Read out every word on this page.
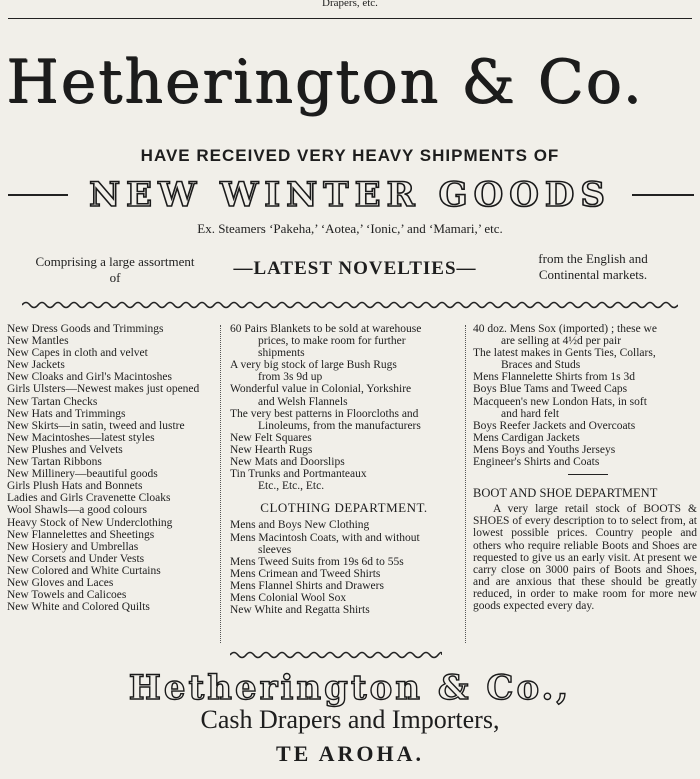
Drapers, etc.
Hetherington & Co.
HAVE RECEIVED VERY HEAVY SHIPMENTS OF
NEW WINTER GOODS
Ex. Steamers ‘Pakeha,’ ‘Aotea,’ ‘Ionic,’ and ‘Mamari,’ etc.
Comprising a large assortment of	—LATEST NOVELTIES—	from the English and Continental markets.
New Dress Goods and Trimmings
New Mantles
New Capes in cloth and velvet
New Jackets
New Cloaks and Girl's Macintoshes
Girls Ulsters—Newest makes just opened
New Tartan Checks
New Hats and Trimmings
New Skirts—in satin, tweed and lustre
New Macintoshes—latest styles
New Plushes and Velvets
New Tartan Ribbons
New Millinery—beautiful goods
Girls Plush Hats and Bonnets
Ladies and Girls Cravenette Cloaks
Wool Shawls—a good colours
Heavy Stock of New Underclothing
New Flannelettes and Sheetings
New Hosiery and Umbrellas
New Corsets and Under Vests
New Colored and White Curtains
New Gloves and Laces
New Towels and Calicoes
New White and Colored Quilts
60 Pairs Blankets to be sold at warehouse
prices, to make room for further
shipments
A very big stock of large Bush Rugs
from 3s 9d up
Wonderful value in Colonial, Yorkshire
and Welsh Flannels
The very best patterns in Floorcloths and
Linoleums, from the manufacturers
New Felt Squares
New Hearth Rugs
New Mats and Doorslips
Tin Trunks and Portmanteaux
Etc., Etc., Etc.
CLOTHING DEPARTMENT.
Mens and Boys New Clothing
Mens Macintosh Coats, with and without
sleeves
Mens Tweed Suits from 19s 6d to 55s
Mens Crimean and Tweed Shirts
Mens Flannel Shirts and Drawers
Mens Colonial Wool Sox
New White and Regatta Shirts
40 doz. Mens Sox (imported) ; these we
are selling at 4½d per pair
The latest makes in Gents Ties, Collars,
Braces and Studs
Mens Flannelette Shirts from 1s 3d
Boys Blue Tams and Tweed Caps
Macqueen's new London Hats, in soft
and hard felt
Boys Reefer Jackets and Overcoats
Mens Cardigan Jackets
Mens Boys and Youths Jerseys
Engineer's Shirts and Coats
BOOT AND SHOE DEPARTMENT
A very large retail stock of BOOTS & SHOES of every description to to select from, at lowest possible prices. Country people and others who require reliable Boots and Shoes are requested to give us an early visit. At present we carry close on 3000 pairs of Boots and Shoes, and are anxious that these should be greatly reduced, in order to make room for more new goods expected every day.
Hetherington & Co.,
Cash Drapers and Importers,
TE AROHA.
